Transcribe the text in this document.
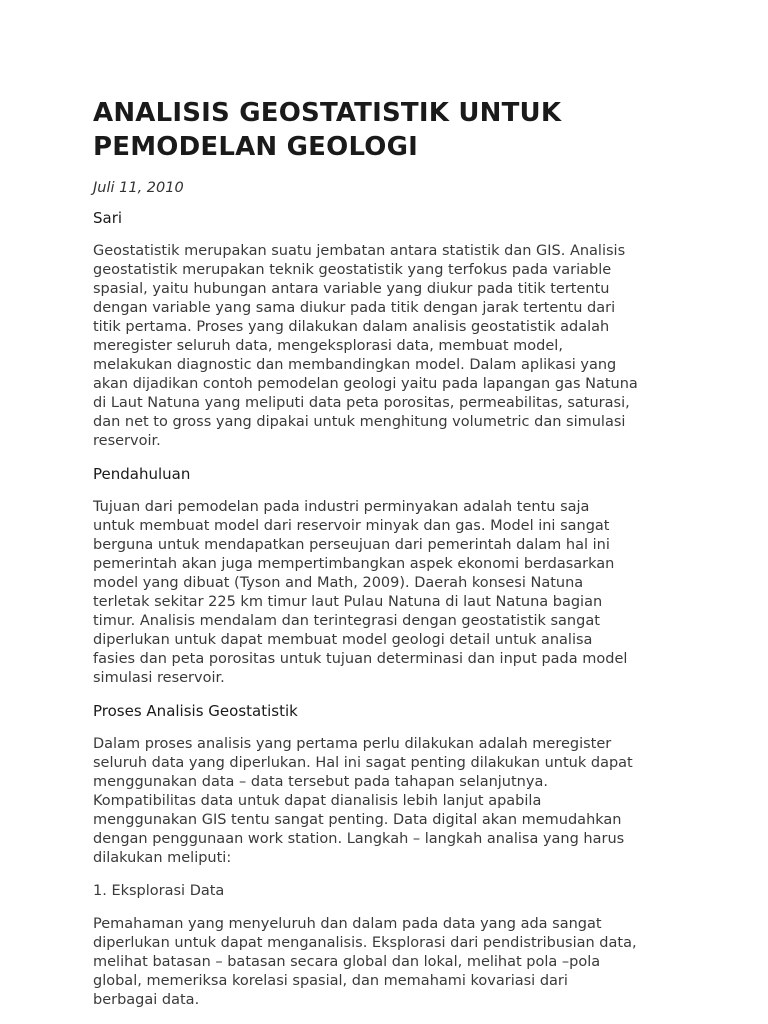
ANALISIS GEOSTATISTIK UNTUK PEMODELAN GEOLOGI
Juli 11, 2010
Sari
Geostatistik merupakan suatu jembatan antara statistik dan GIS. Analisis
geostatistik merupakan teknik geostatistik yang terfokus pada variable
spasial, yaitu hubungan antara variable yang diukur pada titik tertentu
dengan variable yang sama diukur pada titik dengan jarak tertentu dari
titik pertama. Proses yang dilakukan dalam analisis geostatistik adalah
meregister seluruh data, mengeksplorasi data, membuat model,
melakukan diagnostic dan membandingkan model. Dalam aplikasi yang
akan dijadikan contoh pemodelan geologi yaitu pada lapangan gas Natuna
di Laut Natuna yang meliputi data peta porositas, permeabilitas, saturasi,
dan net to gross yang dipakai untuk menghitung volumetric dan simulasi
reservoir.
Pendahuluan
Tujuan dari pemodelan pada industri perminyakan adalah tentu saja
untuk membuat model dari reservoir minyak dan gas. Model ini sangat
berguna untuk mendapatkan perseujuan dari pemerintah dalam hal ini
pemerintah akan juga mempertimbangkan aspek ekonomi berdasarkan
model yang dibuat (Tyson and Math, 2009). Daerah konsesi Natuna
terletak sekitar 225 km timur laut Pulau Natuna di laut Natuna bagian
timur. Analisis mendalam dan terintegrasi dengan geostatistik sangat
diperlukan untuk dapat membuat model geologi detail untuk analisa
fasies dan peta porositas untuk tujuan determinasi dan input pada model
simulasi reservoir.
Proses Analisis Geostatistik
Dalam proses analisis yang pertama perlu dilakukan adalah meregister
seluruh data yang diperlukan. Hal ini sagat penting dilakukan untuk dapat
menggunakan data – data tersebut pada tahapan selanjutnya.
Kompatibilitas data untuk dapat dianalisis lebih lanjut apabila
menggunakan GIS tentu sangat penting. Data digital akan memudahkan
dengan penggunaan work station. Langkah – langkah analisa yang harus
dilakukan meliputi:
1. Eksplorasi Data
Pemahaman yang menyeluruh dan dalam pada data yang ada sangat
diperlukan untuk dapat menganalisis. Eksplorasi dari pendistribusian data,
melihat batasan – batasan secara global dan lokal, melihat pola –pola
global, memeriksa korelasi spasial, dan memahami kovariasi dari
berbagai data.
